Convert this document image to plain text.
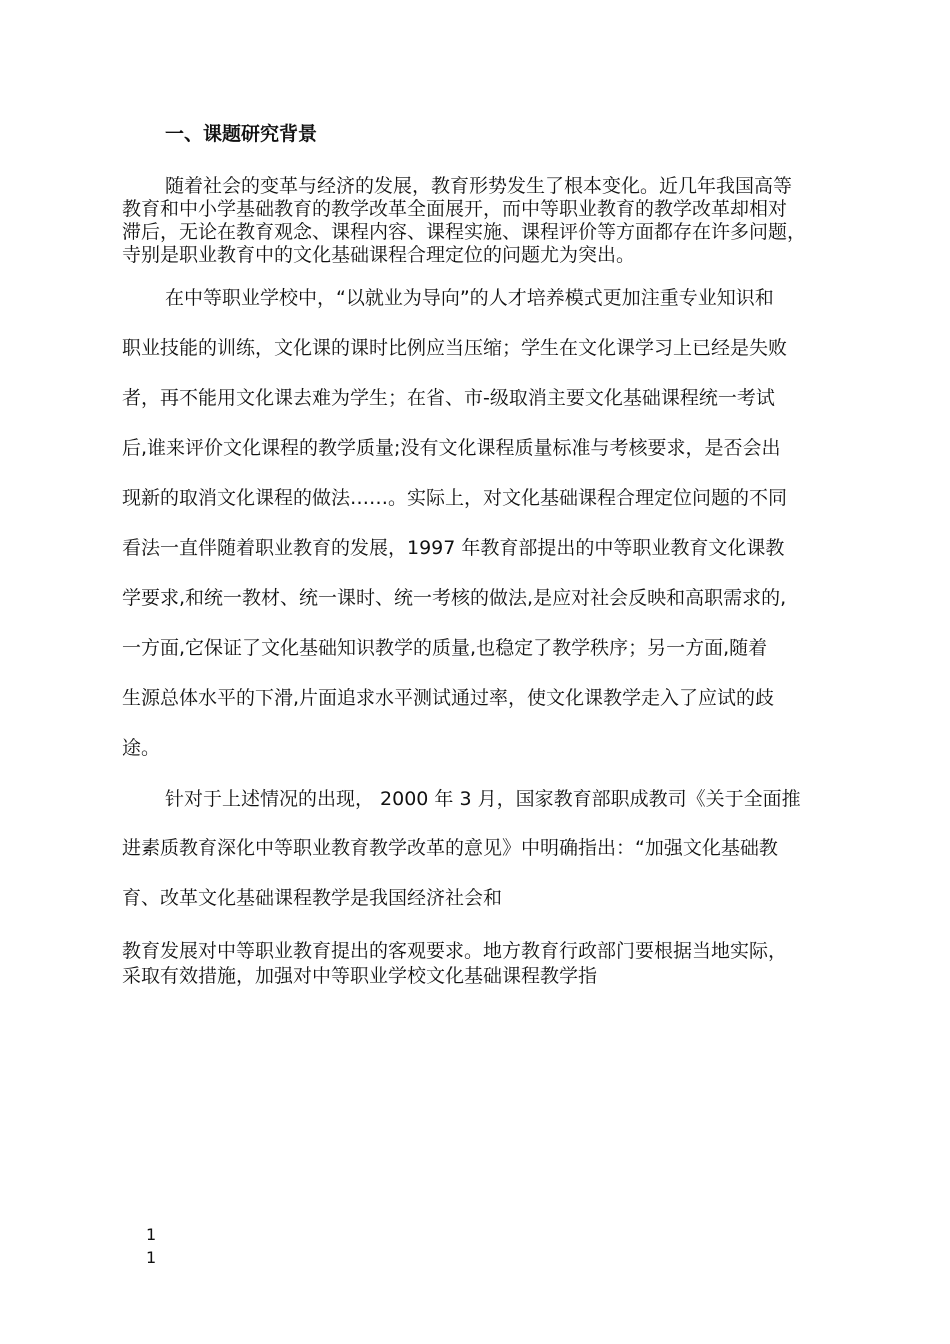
一、课题研究背景
随着社会的变革与经济的发展，教育形势发生了根本变化。近几年我国高等
教育和中小学基础教育的教学改革全面展开，而中等职业教育的教学改革却相对
滞后，无论在教育观念、课程内容、课程实施、课程评价等方面都存在许多问题，
寺别是职业教育中的文化基础课程合理定位的问题尤为突出。
在中等职业学校中，“以就业为导向”的人才培养模式更加注重专业知识和
职业技能的训练，文化课的课时比例应当压缩；学生在文化课学习上已经是失败
者，再不能用文化课去难为学生；在省、市-级取消主要文化基础课程统一考试
后,谁来评价文化课程的教学质量;没有文化课程质量标准与考核要求，是否会出
现新的取消文化课程的做法……。实际上，对文化基础课程合理定位问题的不同
看法一直伴随着职业教育的发展，1997 年教育部提出的中等职业教育文化课教
学要求,和统一教材、统一课时、统一考核的做法,是应对社会反映和高职需求的,
一方面,它保证了文化基础知识教学的质量,也稳定了教学秩序；另一方面,随着
生源总体水平的下滑,片面追求水平测试通过率，使文化课教学走入了应试的歧
途。
针对于上述情况的出现， 2000 年 3 月，国家教育部职成教司《关于全面推
进素质教育深化中等职业教育教学改革的意见》中明确指出：“加强文化基础教
育、改革文化基础课程教学是我国经济社会和
教育发展对中等职业教育提出的客观要求。地方教育行政部门要根据当地实际，
采取有效措施，加强对中等职业学校文化基础课程教学指
1
1
